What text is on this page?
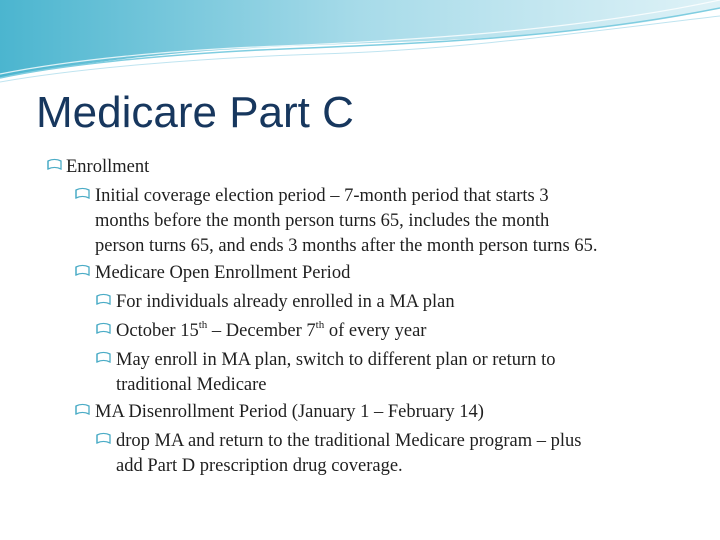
Medicare Part C
Enrollment
Initial coverage election period – 7-month period that starts 3
months before the month person turns 65, includes the month
person turns 65, and ends 3 months after the month person turns 65.
Medicare Open Enrollment Period
For individuals already enrolled in a MA plan
October 15th – December 7th of every year
May enroll in MA plan, switch to different plan or return to
traditional Medicare
MA Disenrollment Period (January 1 – February 14)
drop MA and return to the traditional Medicare program – plus
add Part D prescription drug coverage.
